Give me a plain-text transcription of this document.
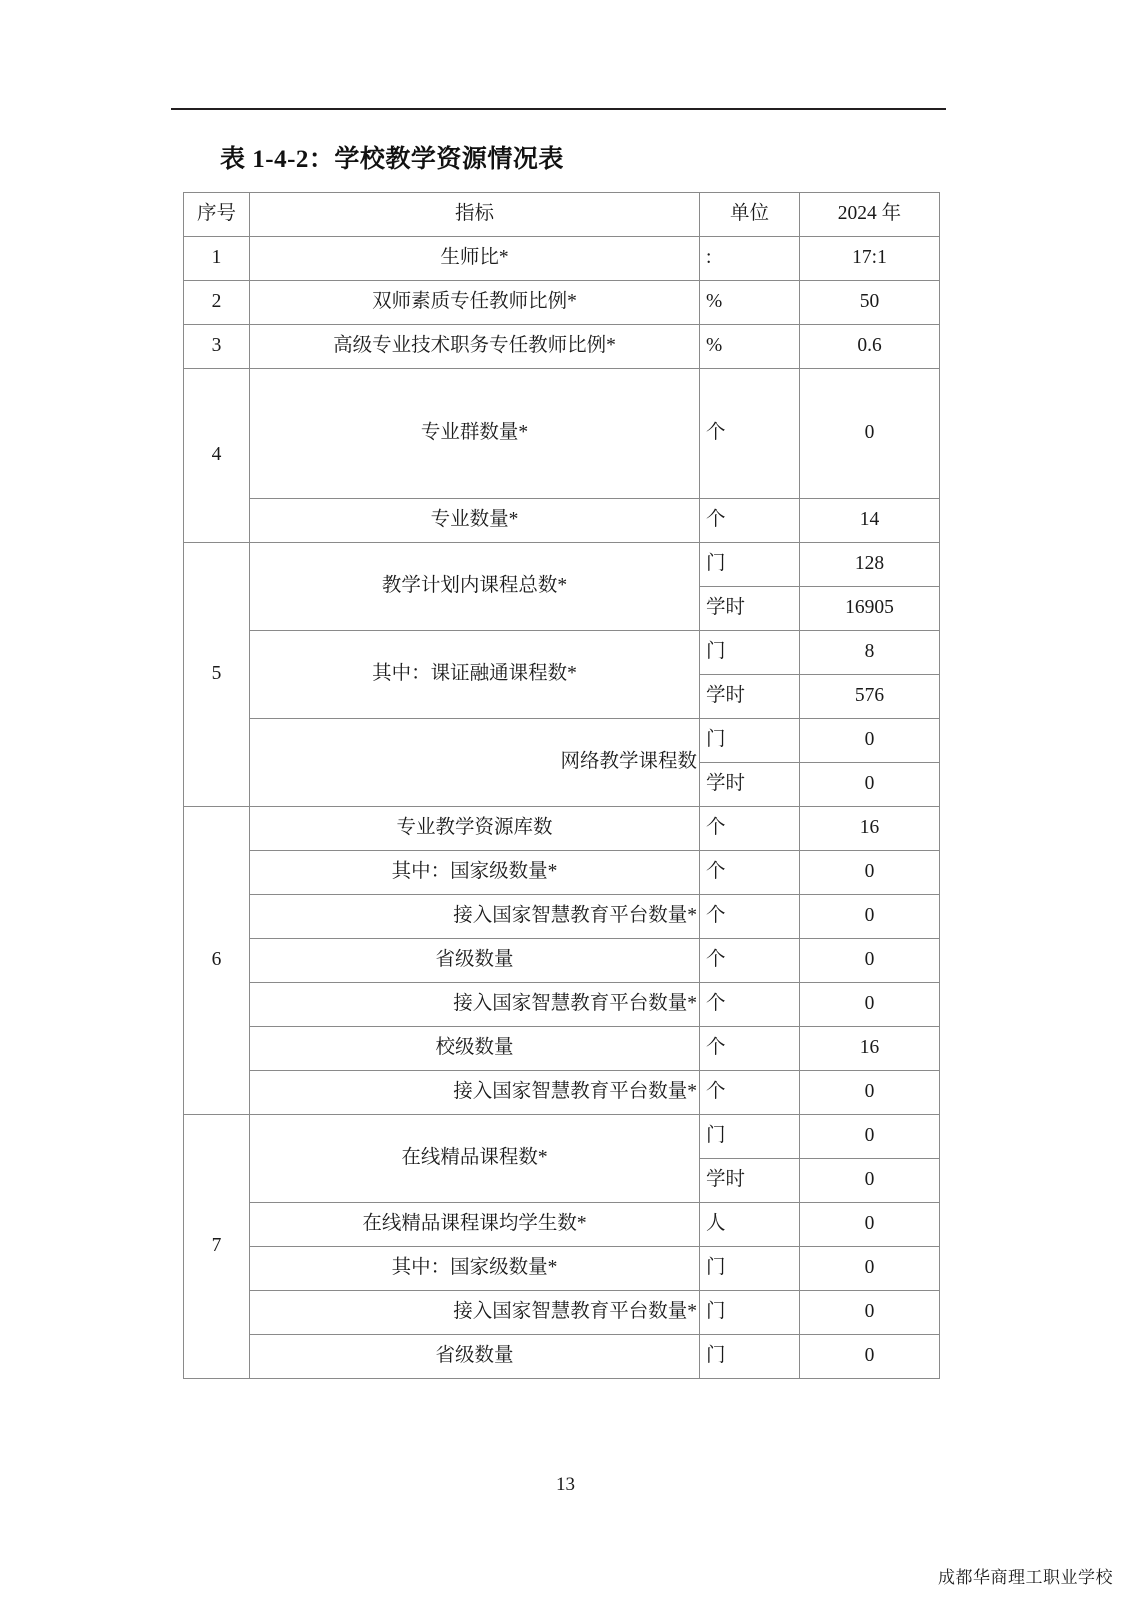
表 1-4-2：学校教学资源情况表
序号	指标	单位	2024 年
1	生师比*	:	17:1
2	双师素质专任教师比例*	%	50
3	高级专业技术职务专任教师比例*	%	0.6
4	专业群数量*	个	0
	专业数量*	个	14
5	教学计划内课程总数*	门	128
		学时	16905
	其中：课证融通课程数*	门	8
		学时	576
	网络教学课程数	门	0
		学时	0
6	专业教学资源库数	个	16
	其中：国家级数量*	个	0
	接入国家智慧教育平台数量*	个	0
	省级数量	个	0
	接入国家智慧教育平台数量*	个	0
	校级数量	个	16
	接入国家智慧教育平台数量*	个	0
7	在线精品课程数*	门	0
		学时	0
	在线精品课程课均学生数*	人	0
	其中：国家级数量*	门	0
	接入国家智慧教育平台数量*	门	0
	省级数量	门	0
13
成都华商理工职业学校
